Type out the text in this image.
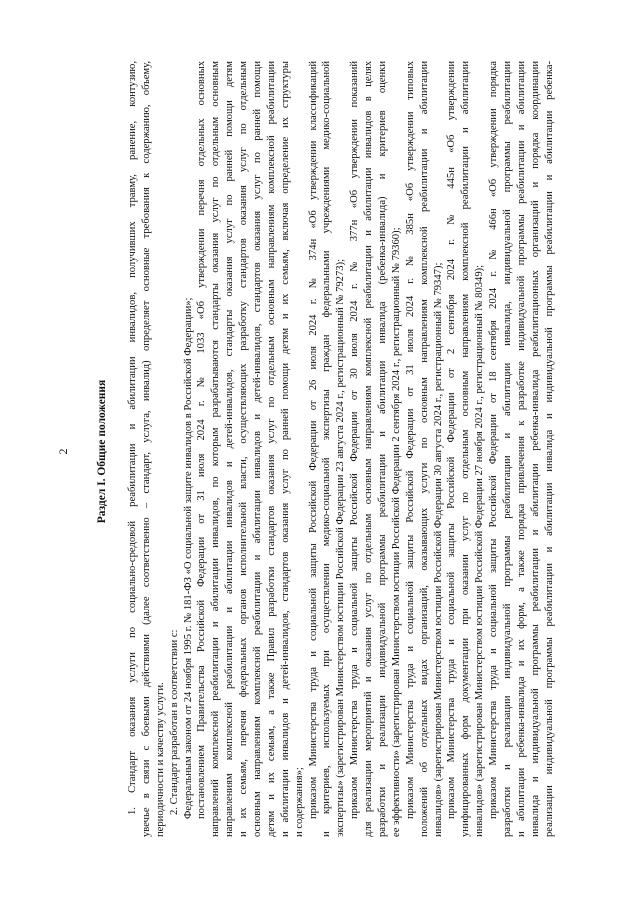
2 Раздел I. Общие положения 1. Стандарт оказания услуги по социально-средовой реабилитации и абилитации инвалидов, получивших травму, ранение, контузию, увечье в связи с боевыми действиями (далее соответственно – стандарт, услуга, инвалид) определяет основные требования к содержанию, объему, периодичности и качеству услуги. 2. Стандарт разработан в соответствии с: Федеральным законом от 24 ноября 1995 г. № 181-ФЗ «О социальной защите инвалидов в Российской Федерации»; постановлением Правительства Российской Федерации от 31 июля 2024 г. № 1033 «Об утверждении перечня отдельных основных направлений комплексной реабилитации и абилитации инвалидов, по которым разрабатываются стандарты оказания услуг по отдельным основным направлениям комплексной реабилитации и абилитации инвалидов и детей-инвалидов, стандарты оказания услуг по ранней помощи детям и их семьям, перечня федеральных органов исполнительной власти, осуществляющих разработку стандартов оказания услуг по отдельным основным направлениям комплексной реабилитации и абилитации инвалидов и детей-инвалидов, стандартов оказания услуг по ранней помощи детям и их семьям, а также Правил разработки стандартов оказания услуг по отдельным основным направлениям комплексной реабилитации и абилитации инвалидов и детей-инвалидов, стандартов оказания услуг по ранней помощи детям и их семьям, включая определение их структуры и содержания»; приказом Министерства труда и социальной защиты Российской Федерации от 26 июля 2024 г. № 374н «Об утверждении классификаций и критериев, используемых при осуществлении медико-социальной экспертизы граждан федеральными учреждениями медико-социальной экспертизы» (зарегистрирован Министерством юстиции Российской Федерации 23 августа 2024 г., регистрационный № 79273); приказом Министерства труда и социальной защиты Российской Федерации от 30 июля 2024 г. № 377н «Об утверждении показаний для реализации мероприятий и оказания услуг по отдельным основным направлениям комплексной реабилитации и абилитации инвалидов в целях разработки и реализации индивидуальной программы реабилитации и абилитации инвалида (ребенка-инвалида) и критериев оценки ее эффективности» (зарегистрирован Министерством юстиции Российской Федерации 2 сентября 2024 г., регистрационный № 79360); приказом Министерства труда и социальной защиты Российской Федерации от 31 июля 2024 г. № 385н «Об утверждении типовых положений об отдельных видах организаций, оказывающих услуги по основным направлениям комплексной реабилитации и абилитации инвалидов» (зарегистрирован Министерством юстиции Российской Федерации 30 августа 2024 г., регистрационный № 79347); приказом Министерства труда и социальной защиты Российской Федерации от 2 сентября 2024 г. № 445н «Об утверждении унифицированных форм документации при оказании услуг по отдельным основным направлениям комплексной реабилитации и абилитации инвалидов» (зарегистрирован Министерством юстиции Российской Федерации 27 ноября 2024 г., регистрационный № 80349); приказом Министерства труда и социальной защиты Российской Федерации от 18 сентября 2024 г. № 466н «Об утверждении порядка разработки и реализации индивидуальной программы реабилитации и абилитации инвалида, индивидуальной программы реабилитации и абилитации ребенка-инвалида и их форм, а также порядка привлечения к разработке индивидуальной программы реабилитации и абилитации инвалида и индивидуальной программы реабилитации и абилитации ребенка-инвалида реабилитационных организаций и порядка координации реализации индивидуальной программы реабилитации и абилитации инвалида и индивидуальной программы реабилитации и абилитации ребенка-
